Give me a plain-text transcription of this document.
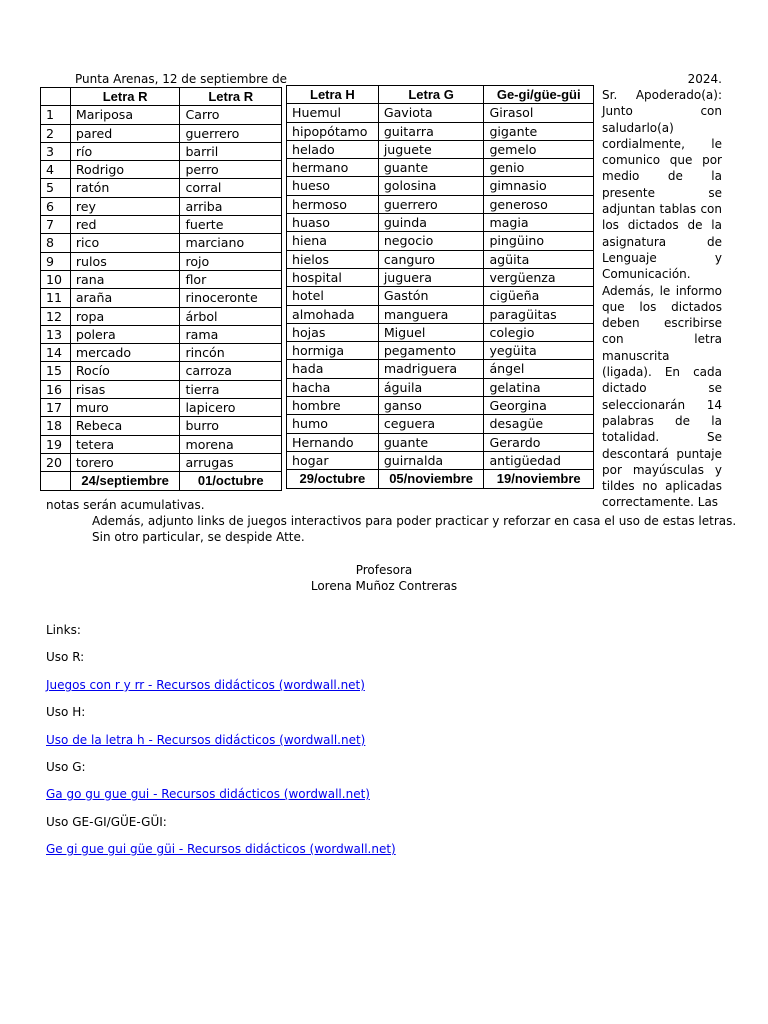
Punta Arenas, 12 de septiembre de	2024.
	Letra R	Letra R
1	Mariposa	Carro
2	pared	guerrero
3	río	barril
4	Rodrigo	perro
5	ratón	corral
6	rey	arriba
7	red	fuerte
8	rico	marciano
9	rulos	rojo
10	rana	flor
11	araña	rinoceronte
12	ropa	árbol
13	polera	rama
14	mercado	rincón
15	Rocío	carroza
16	risas	tierra
17	muro	lapicero
18	Rebeca	burro
19	tetera	morena
20	torero	arrugas
	24/septiembre	01/octubre
Letra H	Letra G	Ge-gi/güe-güi
Huemul	Gaviota	Girasol
hipopótamo	guitarra	gigante
helado	juguete	gemelo
hermano	guante	genio
hueso	golosina	gimnasio
hermoso	guerrero	generoso
huaso	guinda	magia
hiena	negocio	pingüino
hielos	canguro	agüita
hospital	juguera	vergüenza
hotel	Gastón	cigüeña
almohada	manguera	paragüitas
hojas	Miguel	colegio
hormiga	pegamento	yegüita
hada	madriguera	ángel
hacha	águila	gelatina
hombre	ganso	Georgina
humo	ceguera	desagüe
Hernando	guante	Gerardo
hogar	guirnalda	antigüedad
29/octubre	05/noviembre	19/noviembre
Sr. Apoderado(a): Junto con saludarlo(a) cordialmente, le comunico que por medio de la presente se adjuntan tablas con los dictados de la asignatura de Lenguaje y Comunicación. Además, le informo que los dictados deben escribirse con letra manuscrita (ligada). En cada dictado se seleccionarán 14 palabras de la totalidad. Se descontará puntaje por mayúsculas y tildes no aplicadas correctamente. Las
notas serán acumulativas.
Además, adjunto links de juegos interactivos para poder practicar y reforzar en casa el uso de estas letras.
Sin otro particular, se despide Atte.
Profesora
Lorena Muñoz Contreras
Links:
Uso R:
Juegos con r y rr - Recursos didácticos (wordwall.net)
Uso H:
Uso de la letra h - Recursos didácticos (wordwall.net)
Uso G:
Ga go gu gue gui - Recursos didácticos (wordwall.net)
Uso GE-GI/GÜE-GÜI:
Ge gi gue gui güe güi - Recursos didácticos (wordwall.net)
